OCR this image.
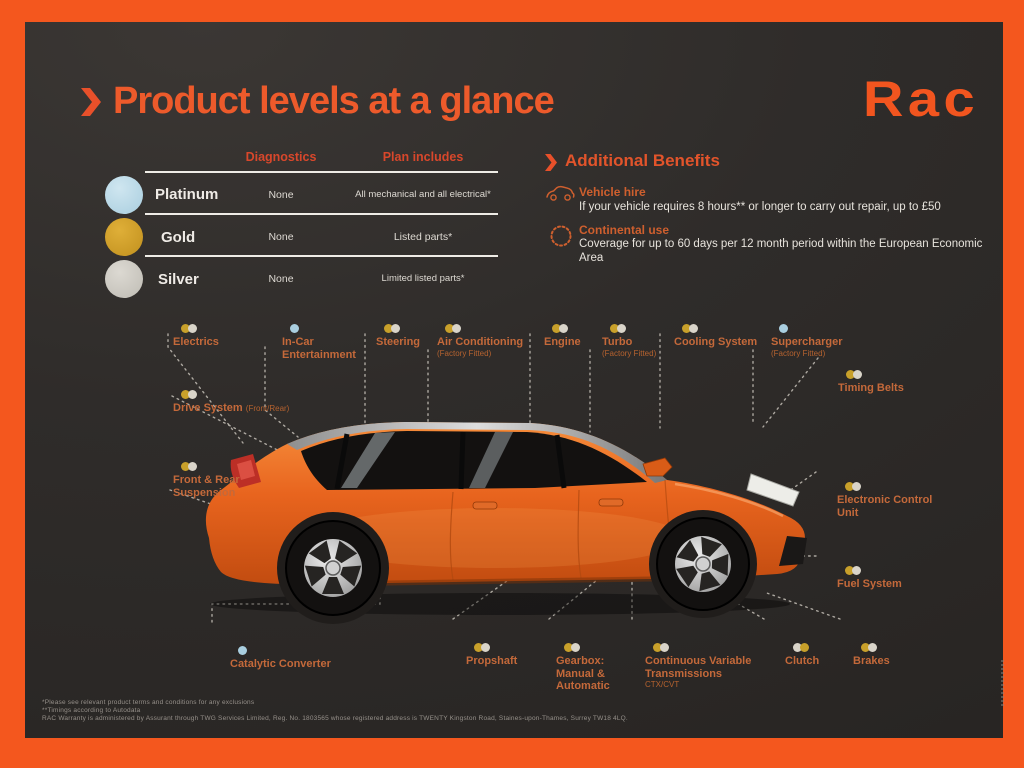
Product levels at a glance	Rac
Diagnostics	Plan includes
Platinum	None	All mechanical and all electrical*
Gold	None	Listed parts*
Silver	None	Limited listed parts*
Additional Benefits
Vehicle hire
If your vehicle requires 8 hours** or longer to carry out repair, up to £50
Continental use
Coverage for up to 60 days per 12 month period within the European Economic Area
Electrics	In-Car Entertainment
Steering Air Conditioning
(Factory Fitted)
Engine Turbo
(Factory Fitted)
Cooling System Supercharger
(Factory Fitted)
Timing Belts
Drive System (Front/Rear)
Front & Rear Suspension
Electronic Control Unit
Fuel System
Catalytic Converter	Propshaft	Gearbox: Manual & Automatic
Continuous Variable Transmissions
CTX/CVT
Clutch	Brakes
*Please see relevant product terms and conditions for any exclusions
**Timings according to Autodata
RAC Warranty is administered by Assurant through TWG Services Limited, Reg. No. 1803565 whose registered address is TWENTY Kingston Road, Staines-upon-Thames, Surrey TW18 4LQ.
